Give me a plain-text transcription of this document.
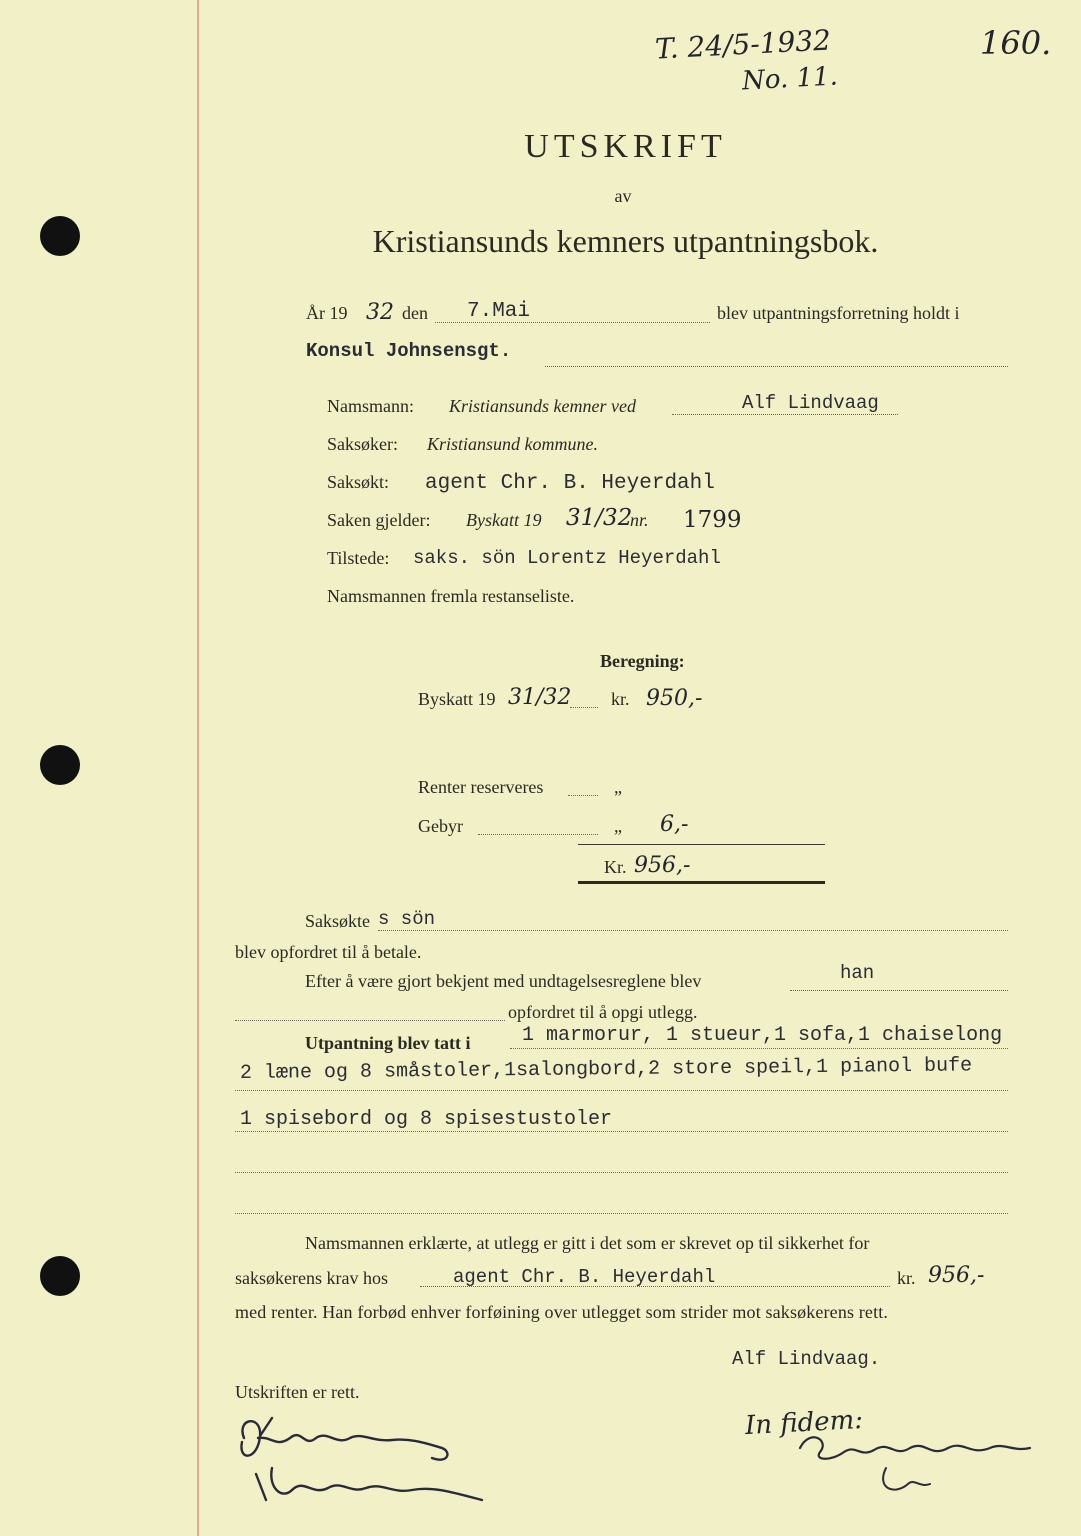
T. 24/5-1932
No. 11.
160.
UTSKRIFT
av
Kristiansunds kemners utpantningsbok.
År 19 32 den 7.Mai	blev utpantningsforretning holdt i
Konsul Johnsensgt.
Namsmann: Kristiansunds kemner ved	Alf Lindvaag
Saksøker: Kristiansund kommune.
Saksøkt: agent Chr. B. Heyerdahl
Saken gjelder: Byskatt 19 31/32
nr. 1799
Tilstede: saks. sön Lorentz Heyerdahl
Namsmannen fremla restanseliste.
Beregning:
Byskatt 19 31/32 kr. 950,-
Renter reserveres	„
Gebyr	„ 6,-
Kr. 956,-
Saksøkte s sön
blev opfordret til å betale.
Efter å være gjort bekjent med undtagelsesreglene blev	han
opfordret til å opgi utlegg.
Utpantning blev tatt i	1 marmorur, 1 stueur,1 sofa,1 chaiselong
2 læne og 8 småstoler,1salongbord,2 store speil,1 pianol bufe
1 spisebord og 8 spisestustoler
Namsmannen erklærte, at utlegg er gitt i det som er skrevet op til sikkerhet for
saksøkerens krav hos	agent Chr. B. Heyerdahl	kr. 956,-
med renter. Han forbød enhver forføining over utlegget som strider mot saksøkerens rett.
Alf Lindvaag.
Utskriften er rett.
In fidem:
